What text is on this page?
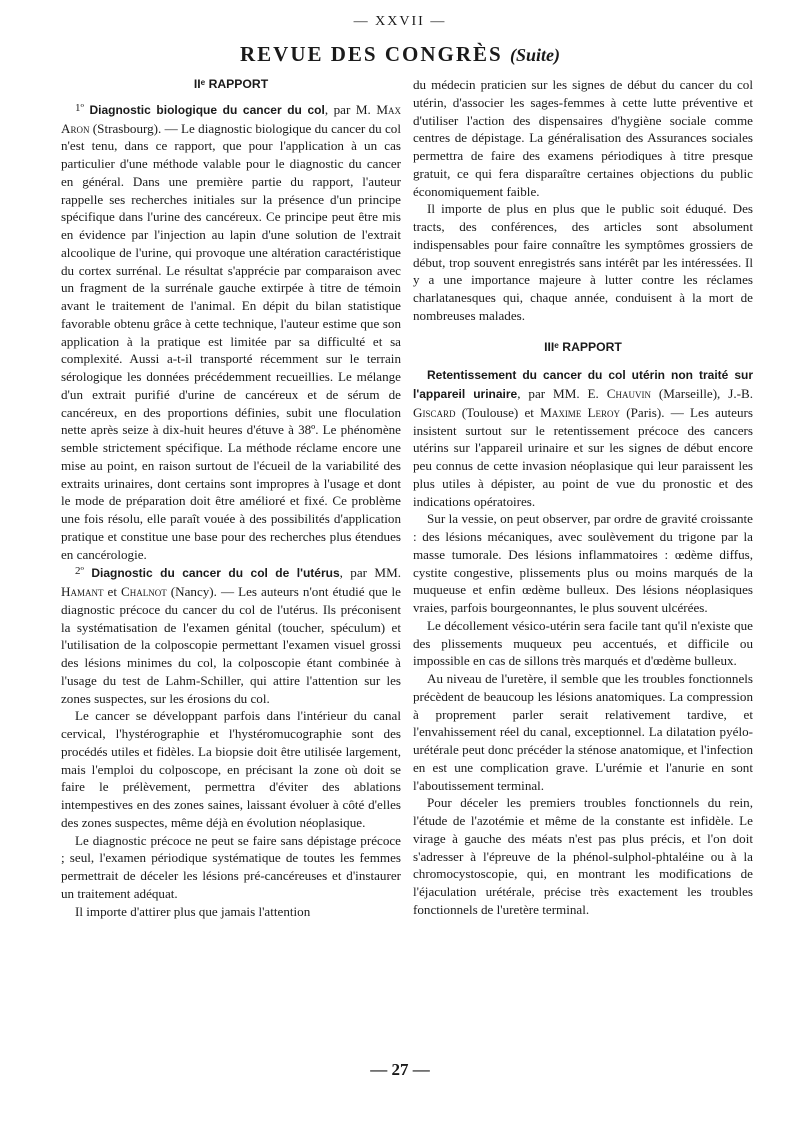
— XXVII —
REVUE DES CONGRÈS (Suite)
IIᵉ RAPPORT

$^{1º}$ Diagnostic biologique du cancer du col, par M. Max Aron (Strasbourg). — Le diagnostic biologique du cancer du col n'est tenu, dans ce rapport, que pour l'application à un cas particulier d'une méthode valable pour le diagnostic du cancer en général. Dans une première partie du rapport, l'auteur rappelle ses recherches initiales sur la présence d'un principe spécifique dans l'urine des cancéreux. Ce principe peut être mis en évidence par l'injection au lapin d'une solution de l'extrait alcoolique de l'urine, qui provoque une altération caractéristique du cortex surrénal. Le résultat s'apprécie par comparaison avec un fragment de la surrénale gauche extirpée à titre de témoin avant le traitement de l'animal. En dépit du bilan statistique favorable obtenu grâce à cette technique, l'auteur estime que son application à la pratique est limitée par sa difficulté et sa complexité. Aussi a-t-il transporté récemment sur le terrain sérologique les données précédemment recueillies. Le mélange d'un extrait purifié d'urine de cancéreux et de sérum de cancéreux, en des proportions définies, subit une floculation nette après seize à dix-huit heures d'étuve à 38º. Le phénomène semble strictement spécifique. La méthode réclame encore une mise au point, en raison surtout de l'écueil de la variabilité des extraits urinaires, dont certains sont impropres à l'usage et dont le mode de préparation doit être amélioré et fixé. Ce problème une fois résolu, elle paraît vouée à des possibilités d'application pratique et constitue une base pour des recherches plus étendues en cancérologie.

$^{2º}$ Diagnostic du cancer du col de l'utérus, par MM. Hamant et Chalnot (Nancy). — Les auteurs n'ont étudié que le diagnostic précoce du cancer du col de l'utérus. Ils préconisent la systématisation de l'examen génital (toucher, spéculum) et l'utilisation de la colposcopie permettant l'examen visuel grossi des lésions minimes du col, la colposcopie étant combinée à l'usage du test de Lahm-Schiller, qui attire l'attention sur les zones suspectes, sur les érosions du col.

Le cancer se développant parfois dans l'intérieur du canal cervical, l'hystérographie et l'hystéromucographie sont des procédés utiles et fidèles. La biopsie doit être utilisée largement, mais l'emploi du colposcope, en précisant la zone où doit se faire le prélèvement, permettra d'éviter des ablations intempestives en des zones saines, laissant évoluer à côté d'elles des zones suspectes, même déjà en évolution néoplasique.

Le diagnostic précoce ne peut se faire sans dépistage précoce ; seul, l'examen périodique systématique de toutes les femmes permettrait de déceler les lésions pré-cancéreuses et d'instaurer un traitement adéquat.

Il importe d'attirer plus que jamais l'attention

du médecin praticien sur les signes de début du cancer du col utérin, d'associer les sages-femmes à cette lutte préventive et d'utiliser l'action des dispensaires d'hygiène sociale comme centres de dépistage. La généralisation des Assurances sociales permettra de faire des examens périodiques à titre presque gratuit, ce qui fera disparaître certaines objections du public économiquement faible.

Il importe de plus en plus que le public soit éduqué. Des tracts, des conférences, des articles sont absolument indispensables pour faire connaître les symptômes grossiers de début, trop souvent enregistrés sans intérêt par les intéressées. Il y a une importance majeure à lutter contre les réclames charlatanesques qui, chaque année, conduisent à la mort de nombreuses malades.

IIIᵉ RAPPORT

Retentissement du cancer du col utérin non traité sur l'appareil urinaire, par MM. E. Chauvin (Marseille), J.-B. Giscard (Toulouse) et Maxime Leroy (Paris). — Les auteurs insistent surtout sur le retentissement précoce des cancers utérins sur l'appareil urinaire et sur les signes de début encore peu connus de cette invasion néoplasique qui leur paraissent les plus utiles à dépister, au point de vue du pronostic et des indications opératoires.

Sur la vessie, on peut observer, par ordre de gravité croissante : des lésions mécaniques, avec soulèvement du trigone par la masse tumorale. Des lésions inflammatoires : œdème diffus, cystite congestive, plissements plus ou moins marqués de la muqueuse et enfin œdème bulleux. Des lésions néoplasiques vraies, parfois bourgeonnantes, le plus souvent ulcérées.

Le décollement vésico-utérin sera facile tant qu'il n'existe que des plissements muqueux peu accentués, et difficile ou impossible en cas de sillons très marqués et d'œdème bulleux.

Au niveau de l'uretère, il semble que les troubles fonctionnels précèdent de beaucoup les lésions anatomiques. La compression à proprement parler serait relativement tardive, et l'envahissement réel du canal, exceptionnel. La dilatation pyélo-urétérale peut donc précéder la sténose anatomique, et l'infection en est une complication grave. L'urémie et l'anurie en sont l'aboutissement terminal.

Pour déceler les premiers troubles fonctionnels du rein, l'étude de l'azotémie et même de la constante est infidèle. Le virage à gauche des méats n'est pas plus précis, et l'on doit s'adresser à l'épreuve de la phénol-sulphol-phtaléine ou à la chromocystoscopie, qui, en montrant les modifications de l'éjaculation urétérale, précise très exactement les troubles fonctionnels de l'uretère terminal.

— 27 —
